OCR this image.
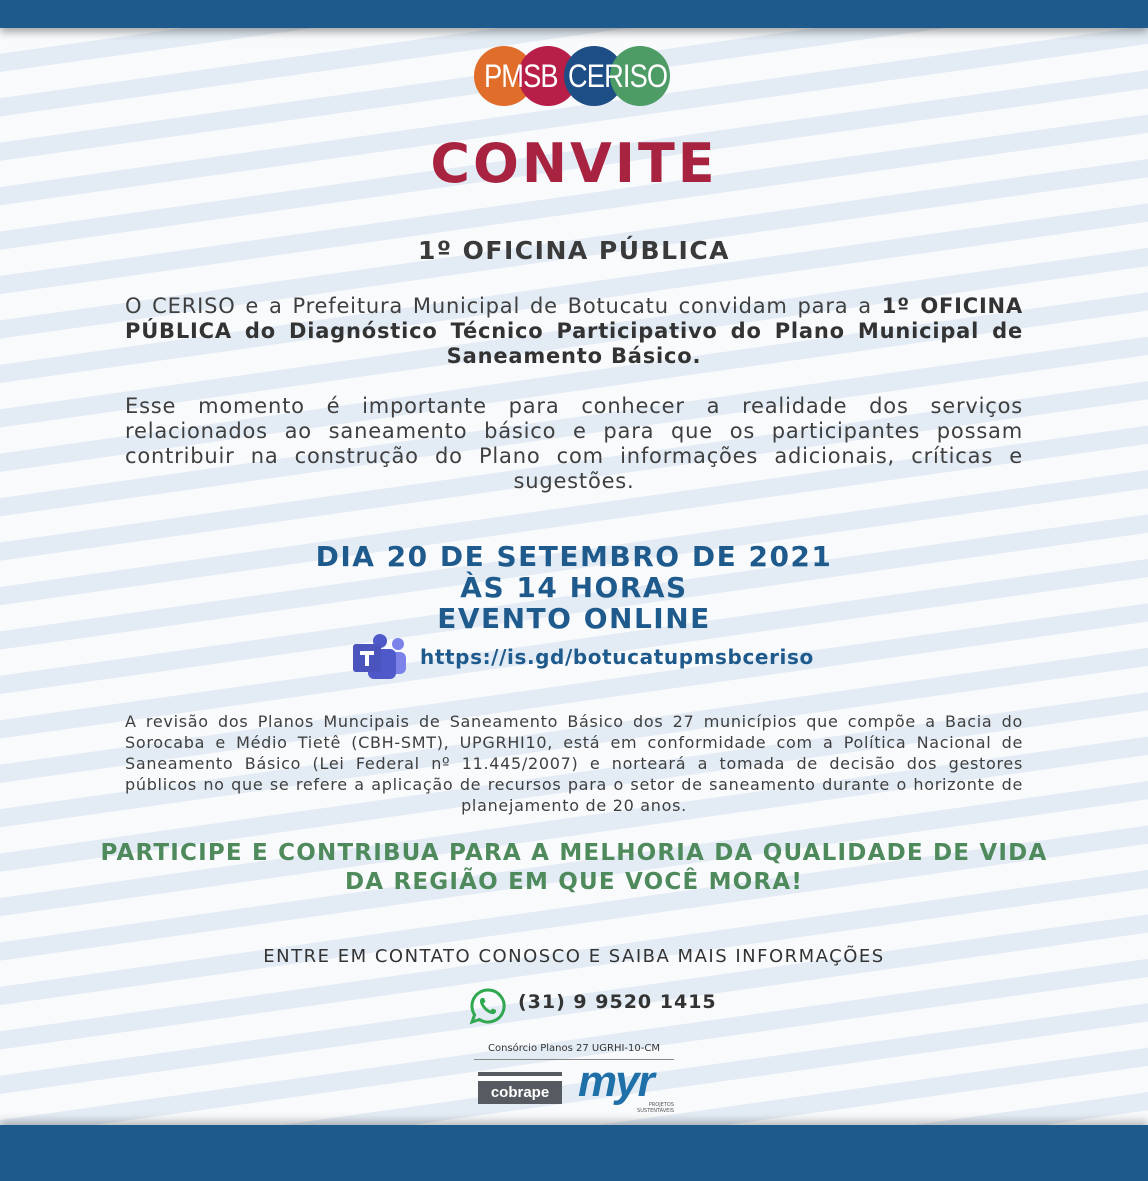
PMSB CERISO
CONVITE
1º OFICINA PÚBLICA

O CERISO e a Prefeitura Municipal de Botucatu convidam para a 1º OFICINA PÚBLICA do Diagnóstico Técnico Participativo do Plano Municipal de Saneamento Básico.

Esse momento é importante para conhecer a realidade dos serviços relacionados ao saneamento básico e para que os participantes possam contribuir na construção do Plano com informações adicionais, críticas e sugestões.

DIA 20 DE SETEMBRO DE 2021
ÀS 14 HORAS
EVENTO ONLINE
https://is.gd/botucatupmsbceriso

A revisão dos Planos Muncipais de Saneamento Básico dos 27 municípios que compõe a Bacia do Sorocaba e Médio Tietê (CBH-SMT), UPGRHI10, está em conformidade com a Política Nacional de Saneamento Básico (Lei Federal nº 11.445/2007) e norteará a tomada de decisão dos gestores públicos no que se refere a aplicação de recursos para o setor de saneamento durante o horizonte de planejamento de 20 anos.

PARTICIPE E CONTRIBUA PARA A MELHORIA DA QUALIDADE DE VIDA
DA REGIÃO EM QUE VOCÊ MORA!
ENTRE EM CONTATO CONOSCO E SAIBA MAIS INFORMAÇÕES
(31) 9 9520 1415
Consórcio Planos 27 UGRHI-10-CM
cobrape myr
PROJETOS
SUSTENTÁVEIS
